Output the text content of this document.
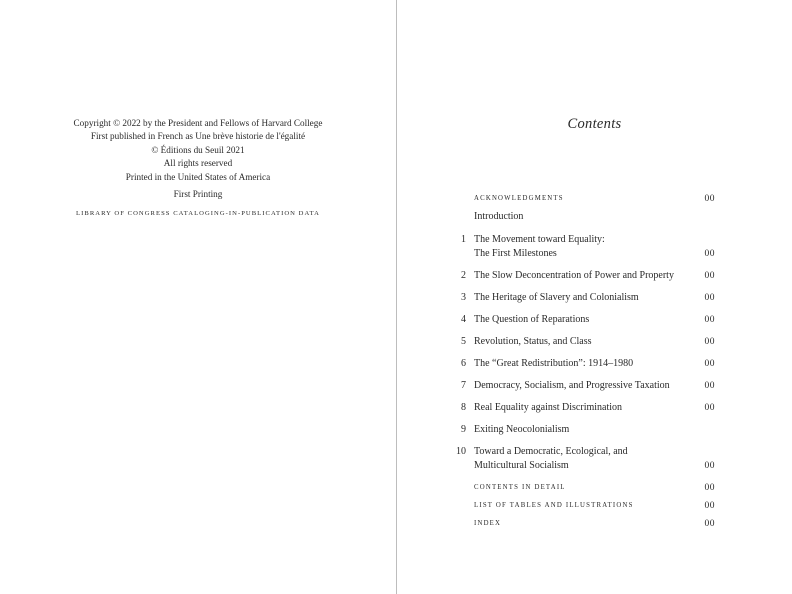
Copyright © 2022 by the President and Fellows of Harvard College
First published in French as Une brève historie de l'égalité
© Éditions du Seuil 2021
All rights reserved
Printed in the United States of America
First Printing
LIBRARY OF CONGRESS CATALOGING-IN-PUBLICATION DATA
Contents
ACKNOWLEDGMENTS	00
Introduction
1 The Movement toward Equality:
The First Milestones	00
2 The Slow Deconcentration of Power and Property	00
3 The Heritage of Slavery and Colonialism	00
4 The Question of Reparations	00
5 Revolution, Status, and Class	00
6 The “Great Redistribution”: 1914–1980	00
7 Democracy, Socialism, and Progressive Taxation	00
8 Real Equality against Discrimination	00
9 Exiting Neocolonialism
10 Toward a Democratic, Ecological, and
Multicultural Socialism	00
CONTENTS IN DETAIL	00
LIST OF TABLES AND ILLUSTRATIONS	00
INDEX	00
